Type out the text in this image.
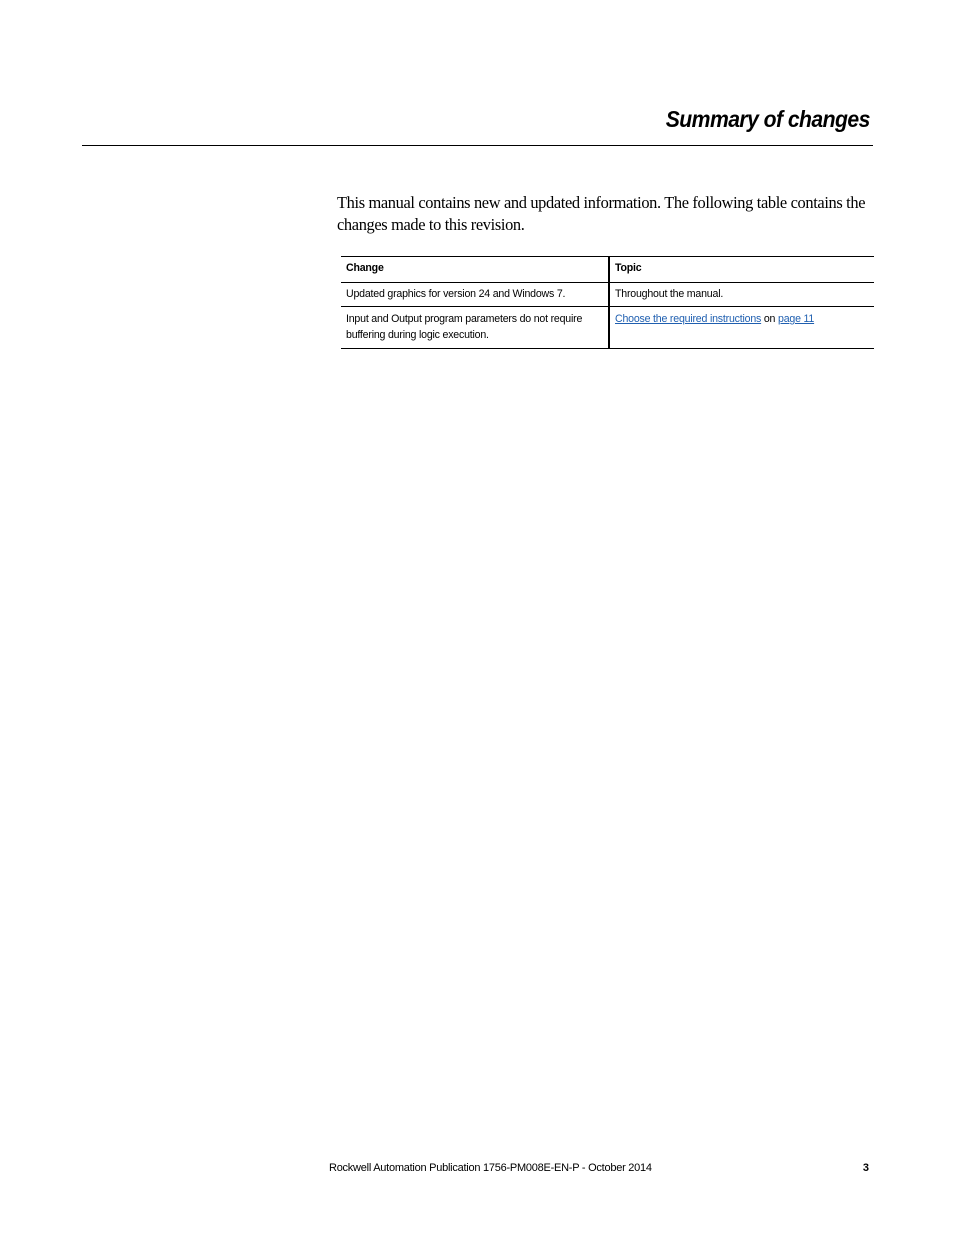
Summary of changes

This manual contains new and updated information. The following table contains the changes made to this revision.

Change	Topic
Updated graphics for version 24 and Windows 7.	Throughout the manual.
Input and Output program parameters do not require buffering during logic execution.	Choose the required instructions on page 11
Rockwell Automation Publication 1756-PM008E-EN-P - October 2014	3
